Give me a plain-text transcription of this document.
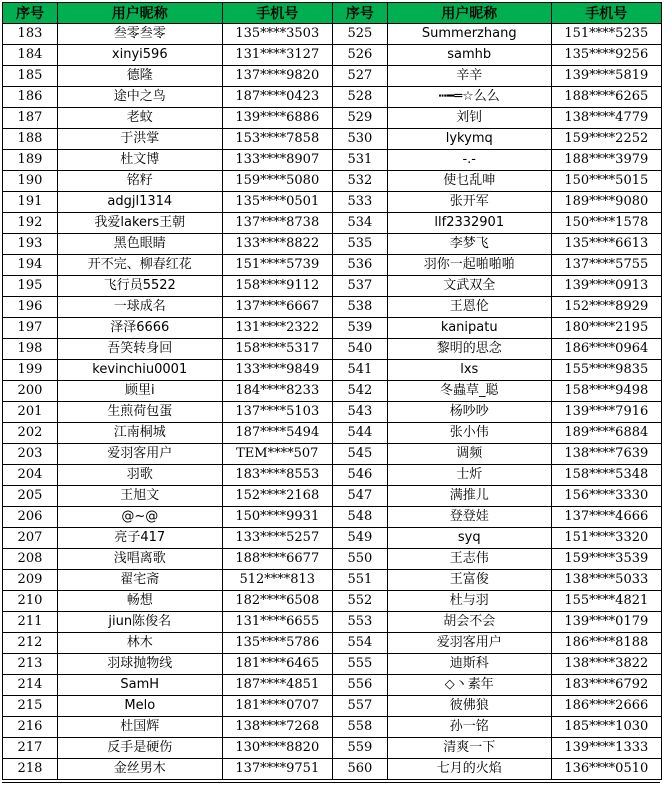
序号	用户昵称	手机号	序号	用户昵称	手机号
183	叁零叁零	135****3503	525	Summerzhang	151****5235
184	xinyi596	131****3127	526	samhb	135****9256
185	德隆	137****9820	527	辛辛	139****5819
186	途中之鸟	187****0423	528	┅━═☆么么	188****6265
187	老蚊	139****6886	529	刘钊	138****4779
188	于洪掌	153****7858	530	lykymq	159****2252
189	杜文博	133****8907	531	-.-	188****3979
190	铭籽	159****5080	532	使乜乱呻	150****5015
191	adgjl1314	135****0501	533	张开军	189****9080
192	我爱lakers王朝	137****8738	534	llf2332901	150****1578
193	黑色眼睛	133****8822	535	李梦飞	135****6613
194	开不完、柳春红花	151****5739	536	羽你一起啪啪啪	137****5755
195	飞行员5522	158****9112	537	文武双全	139****0913
196	一球成名	137****6667	538	王恩伦	152****8929
197	泽泽6666	131****2322	539	kanipatu	180****2195
198	吾笑转身回	158****5317	540	黎明的思念	186****0964
199	kevinchiu0001	133****9849	541	lxs	155****9835
200	顾里i	184****8233	542	冬蟲草_聪	158****9498
201	生煎荷包蛋	137****5103	543	杨吵吵	139****7916
202	江南桐城	187****5494	544	张小伟	189****6884
203	爱羽客用户	TEM****507	545	调频	138****7639
204	羽歌	183****8553	546	士炘	158****5348
205	王旭文	152****2168	547	满推儿	156****3330
206	@~@	150****9931	548	登登娃	137****4666
207	亮子417	133****5257	549	syq	151****3320
208	浅唱离歌	188****6677	550	王志伟	159****3539
209	翟宅斋	512****813	551	王富俊	138****5033
210	畅想	182****6508	552	杜与羽	155****4821
211	jiun陈俊名	131****6655	553	胡会不会	139****0179
212	林木	135****5786	554	爱羽客用户	186****8188
213	羽球抛物线	181****6465	555	迪斯科	138****3822
214	SamH	187****4851	556	◇丶素年	183****6792
215	Melo	181****0707	557	彼佛狼	186****2666
216	杜国辉	138****7268	558	孙一铭	185****1030
217	反手是硬伤	130****8820	559	清爽一下	139****1333
218	金丝男木	137****9751	560	七月的火焰	136****0510
